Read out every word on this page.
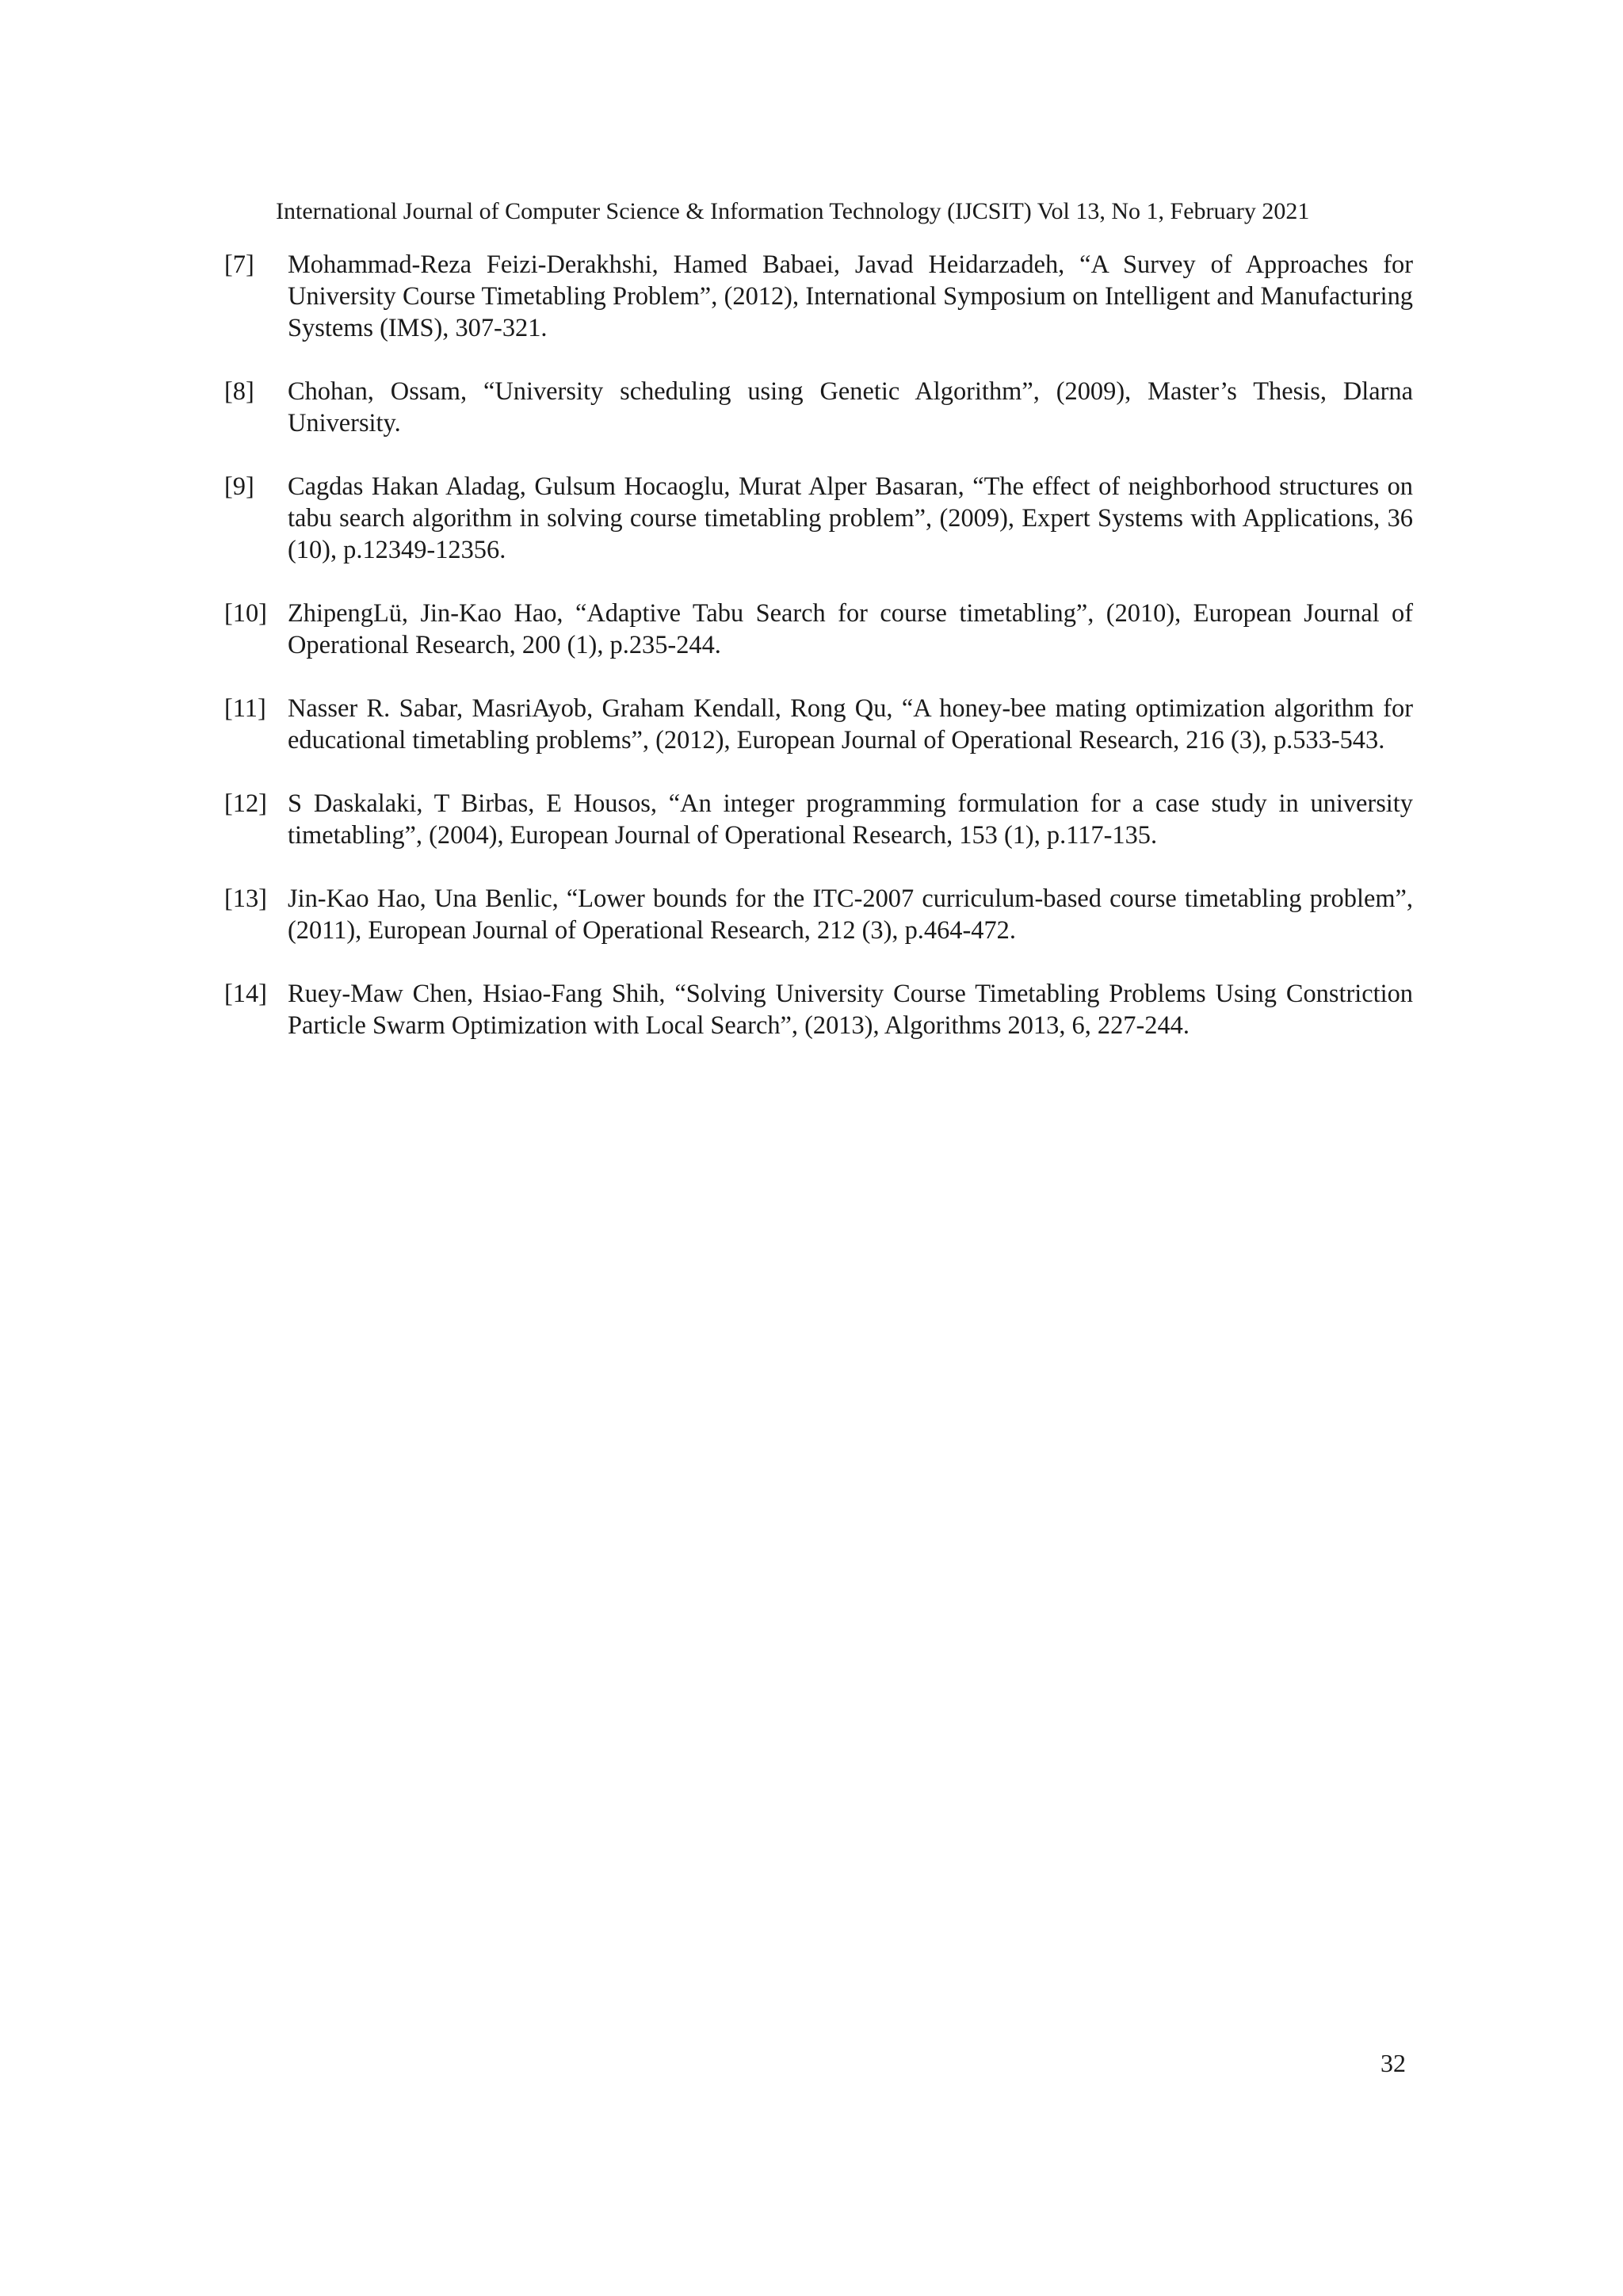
International Journal of Computer Science & Information Technology (IJCSIT) Vol 13, No 1, February 2021

[7] Mohammad-Reza Feizi-Derakhshi, Hamed Babaei, Javad Heidarzadeh, “A Survey of Approaches for University Course Timetabling Problem”, (2012), International Symposium on Intelligent and Manufacturing Systems (IMS), 307-321.

[8] Chohan, Ossam, “University scheduling using Genetic Algorithm”, (2009), Master’s Thesis, Dlarna University.

[9] Cagdas Hakan Aladag, Gulsum Hocaoglu, Murat Alper Basaran, “The effect of neighborhood structures on tabu search algorithm in solving course timetabling problem”, (2009), Expert Systems with Applications, 36 (10), p.12349-12356.

[10] ZhipengLü, Jin-Kao Hao, “Adaptive Tabu Search for course timetabling”, (2010), European Journal of Operational Research, 200 (1), p.235-244.

[11] Nasser R. Sabar, MasriAyob, Graham Kendall, Rong Qu, “A honey-bee mating optimization algorithm for educational timetabling problems”, (2012), European Journal of Operational Research, 216 (3), p.533-543.

[12] S Daskalaki, T Birbas, E Housos, “An integer programming formulation for a case study in university timetabling”, (2004), European Journal of Operational Research, 153 (1), p.117-135.

[13] Jin-Kao Hao, Una Benlic, “Lower bounds for the ITC-2007 curriculum-based course timetabling problem”, (2011), European Journal of Operational Research, 212 (3), p.464-472.

[14] Ruey-Maw Chen, Hsiao-Fang Shih, “Solving University Course Timetabling Problems Using Constriction Particle Swarm Optimization with Local Search”, (2013), Algorithms 2013, 6, 227-244.

32
